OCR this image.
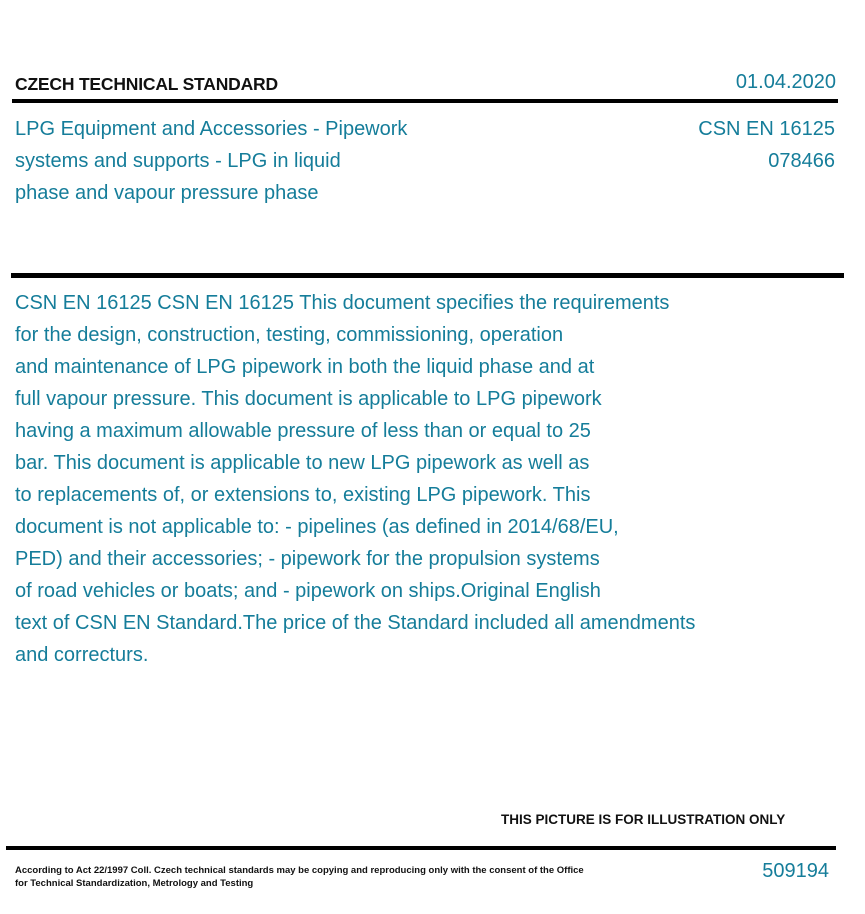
CZECH TECHNICAL STANDARD	01.04.2020
LPG Equipment and Accessories - Pipework
systems and supports - LPG in liquid
phase and vapour pressure phase
CSN EN 16125
078466
CSN EN 16125 CSN EN 16125 This document specifies the requirements
for the design, construction, testing, commissioning, operation
and maintenance of LPG pipework in both the liquid phase and at
full vapour pressure. This document is applicable to LPG pipework
having a maximum allowable pressure of less than or equal to 25
bar. This document is applicable to new LPG pipework as well as
to replacements of, or extensions to, existing LPG pipework. This
document is not applicable to: - pipelines (as defined in 2014/68/EU,
PED) and their accessories; - pipework for the propulsion systems
of road vehicles or boats; and - pipework on ships.Original English
text of CSN EN Standard.The price of the Standard included all amendments
and correcturs.
THIS PICTURE IS FOR ILLUSTRATION ONLY
According to Act 22/1997 Coll. Czech technical standards may be copying and reproducing only with the consent of the Office
for Technical Standardization, Metrology and Testing
509194
